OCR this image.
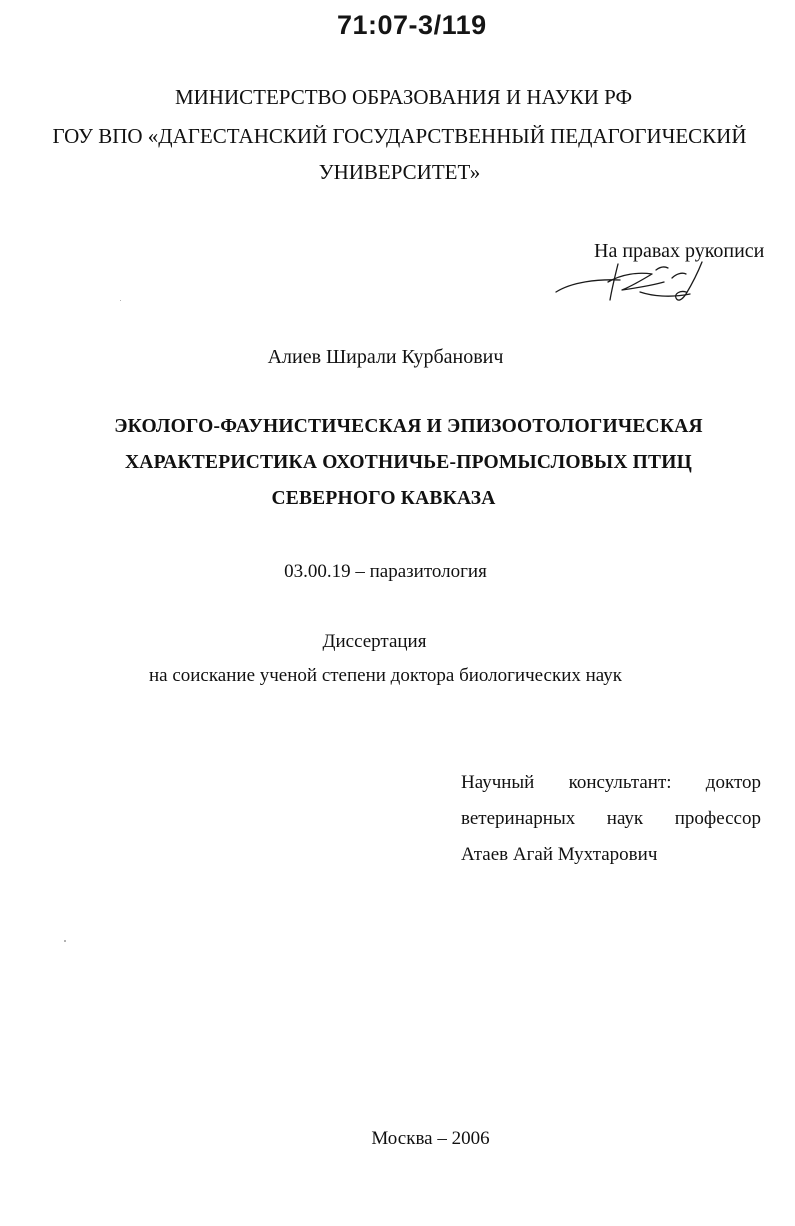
71:07-3/119
МИНИСТЕРСТВО ОБРАЗОВАНИЯ И НАУКИ РФ
ГОУ ВПО «ДАГЕСТАНСКИЙ ГОСУДАРСТВЕННЫЙ ПЕДАГОГИЧЕСКИЙ
УНИВЕРСИТЕТ»
На правах рукописи
Алиев Ширали Курбанович
ЭКОЛОГО-ФАУНИСТИЧЕСКАЯ И ЭПИЗООТОЛОГИЧЕСКАЯ
ХАРАКТЕРИСТИКА ОХОТНИЧЬЕ-ПРОМЫСЛОВЫХ ПТИЦ
СЕВЕРНОГО КАВКАЗА
03.00.19 – паразитология
Диссертация
на соискание ученой степени доктора биологических наук
Научный консультант: доктор
ветеринарных наук профессор
Атаев Агай Мухтарович
Москва – 2006
